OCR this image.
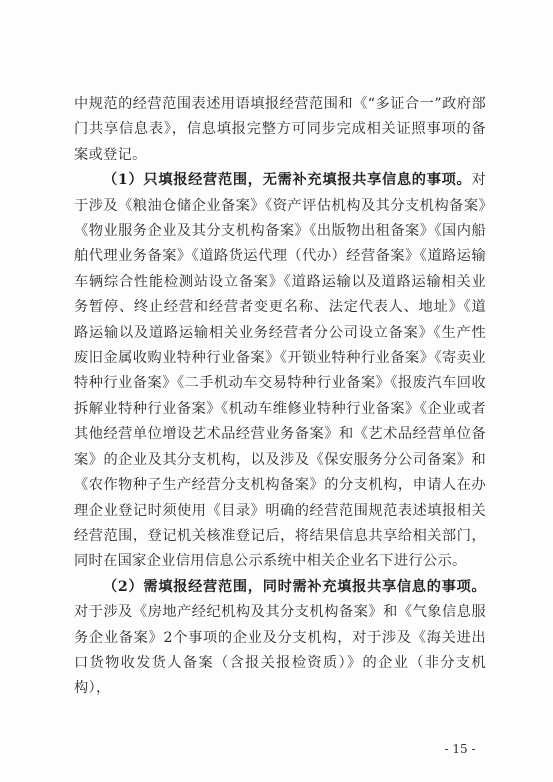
中规范的经营范围表述用语填报经营范围和《“多证合一”政府部门共享信息表》，信息填报完整方可同步完成相关证照事项的备案或登记。

（1）只填报经营范围，无需补充填报共享信息的事项。对于涉及《粮油仓储企业备案》《资产评估机构及其分支机构备案》《物业服务企业及其分支机构备案》《出版物出租备案》《国内船舶代理业务备案》《道路货运代理（代办）经营备案》《道路运输车辆综合性能检测站设立备案》《道路运输以及道路运输相关业务暂停、终止经营和经营者变更名称、法定代表人、地址》《道路运输以及道路运输相关业务经营者分公司设立备案》《生产性废旧金属收购业特种行业备案》《开锁业特种行业备案》《寄卖业特种行业备案》《二手机动车交易特种行业备案》《报废汽车回收拆解业特种行业备案》《机动车维修业特种行业备案》《企业或者其他经营单位增设艺术品经营业务备案》和《艺术品经营单位备案》的企业及其分支机构，以及涉及《保安服务分公司备案》和《农作物种子生产经营分支机构备案》的分支机构，申请人在办理企业登记时须使用《目录》明确的经营范围规范表述填报相关经营范围，登记机关核准登记后，将结果信息共享给相关部门，同时在国家企业信用信息公示系统中相关企业名下进行公示。

（2）需填报经营范围，同时需补充填报共享信息的事项。对于涉及《房地产经纪机构及其分支机构备案》和《气象信息服务企业备案》2个事项的企业及分支机构，对于涉及《海关进出口货物收发货人备案（含报关报检资质）》的企业（非分支机构），

- 15 -
